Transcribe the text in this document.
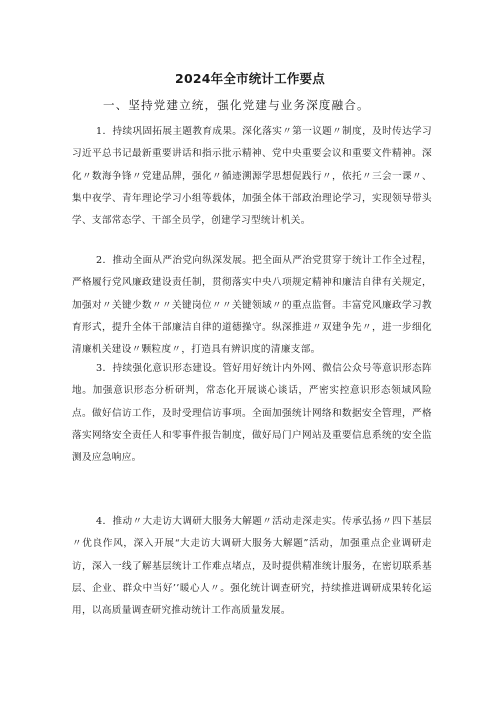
2024年全市统计工作要点

一、坚持党建立统，强化党建与业务深度融合。

1．持续巩固拓展主题教育成果。深化落实〃第一议题〃制度，及时传达学习习近平总书记最新重要讲话和指示批示精神、党中央重要会议和重要文件精神。深化〃数海争锋〃党建品牌，强化〃循迹溯源学思想促践行〃，依托〃三会一课〃、集中夜学、青年理论学习小组等载体，加强全体干部政治理论学习，实现领导带头学、支部常态学、干部全员学，创建学习型统计机关。

2．推动全面从严治党向纵深发展。把全面从严治党贯穿于统计工作全过程，严格履行党风廉政建设责任制，贯彻落实中央八项规定精神和廉洁自律有关规定，加强对〃关键少数〃〃关键岗位〃〃关键领域〃的重点监督。丰富党风廉政学习教育形式，提升全体干部廉洁自律的道德操守。纵深推进〃双建争先〃，进一步细化清廉机关建设〃颗粒度〃，打造具有辨识度的清廉支部。

3．持续强化意识形态建设。管好用好统计内外网、微信公众号等意识形态阵地。加强意识形态分析研判，常态化开展谈心谈话，严密实控意识形态领域风险点。做好信访工作，及时受理信访事项。全面加强统计网络和数据安全管理，严格落实网络安全责任人和零事件报告制度，做好局门户网站及重要信息系统的安全监测及应急响应。

4．推动〃大走访大调研大服务大解题〃活动走深走实。传承弘扬〃四下基层〃优良作风，深入开展“大走访大调研大服务大解题”活动，加强重点企业调研走访，深入一线了解基层统计工作难点堵点，及时提供精准统计服务，在密切联系基层、企业、群众中当好’’暖心人〃。强化统计调查研究，持续推进调研成果转化运用，以高质量调查研究推动统计工作高质量发展。
